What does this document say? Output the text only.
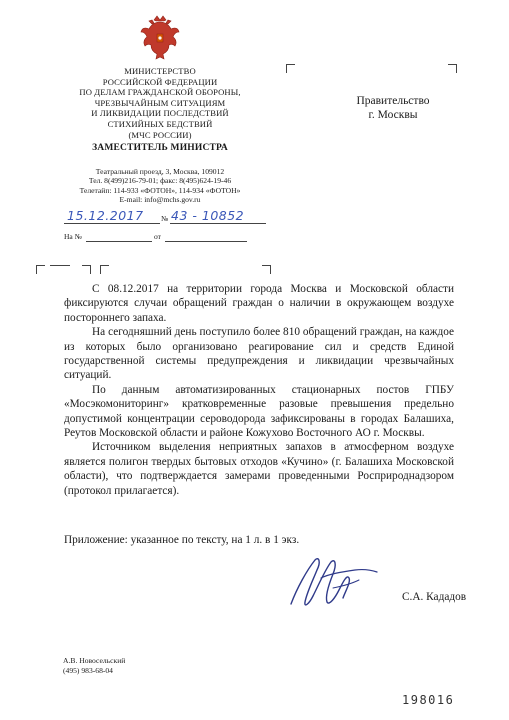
МИНИСТЕРСТВО
РОССИЙСКОЙ ФЕДЕРАЦИИ
ПО ДЕЛАМ ГРАЖДАНСКОЙ ОБОРОНЫ,
ЧРЕЗВЫЧАЙНЫМ СИТУАЦИЯМ
И ЛИКВИДАЦИИ ПОСЛЕДСТВИЙ
СТИХИЙНЫХ БЕДСТВИЙ
(МЧС РОССИИ)
ЗАМЕСТИТЕЛЬ МИНИСТРА
Театральный проезд, 3, Москва, 109012
Тел. 8(499)216-79-01; факс: 8(495)624-19-46
Телетайп: 114-933 «ФОТОН», 114-934 «ФОТОН»
E-mail: info@mchs.gov.ru
№
15.12.2017 43 - 10852
На №	от
Правительство
г. Москвы

С 08.12.2017 на территории города Москва и Московской области фиксируются случаи обращений граждан о наличии в окружающем воздухе постороннего запаха.

На сегодняшний день поступило более 810 обращений граждан, на каждое из которых было организовано реагирование сил и средств Единой государственной системы предупреждения и ликвидации чрезвычайных ситуаций.

По данным автоматизированных стационарных постов ГПБУ «Мосэкомониторинг» кратковременные разовые превышения предельно допустимой концентрации сероводорода зафиксированы в городах Балашиха, Реутов Московской области и районе Кожухово Восточного АО г. Москвы.

Источником выделения неприятных запахов в атмосферном воздухе является полигон твердых бытовых отходов «Кучино» (г. Балашиха Московской области), что подтверждается замерами проведенными Росприроднадзором (протокол прилагается).

Приложение: указанное по тексту, на 1 л. в 1 экз.
С.А. Кададов
А.В. Новосельский
(495) 983-68-04
198016
